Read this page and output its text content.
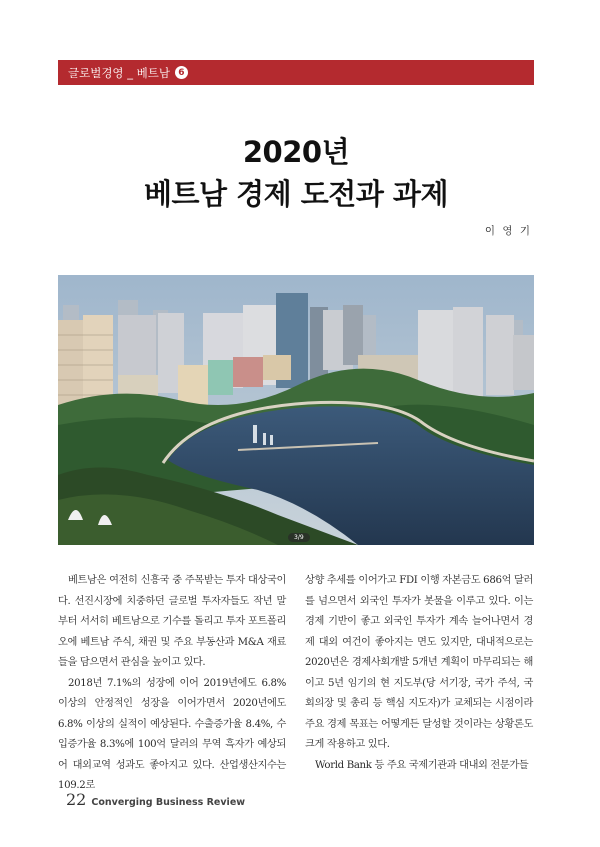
글로벌경영 _ 베트남 6
2020년
베트남 경제 도전과 과제
이 영 기
3/9

베트남은 여전히 신흥국 중 주목받는 투자 대상국이다. 선진시장에 치중하던 글로벌 투자자들도 작년 말부터 서서히 베트남으로 기수를 돌리고 투자 포트폴리오에 베트남 주식, 채권 및 주요 부동산과 M&A 재료들을 담으면서 관심을 높이고 있다.

2018년 7.1%의 성장에 이어 2019년에도 6.8% 이상의 안정적인 성장을 이어가면서 2020년에도 6.8% 이상의 실적이 예상된다. 수출증가율 8.4%, 수입증가율 8.3%에 100억 달러의 무역 흑자가 예상되어 대외교역 성과도 좋아지고 있다. 산업생산지수는 109.2로

상향 추세를 이어가고 FDI 이행 자본금도 686억 달러를 넘으면서 외국인 투자가 봇물을 이루고 있다. 이는 경제 기반이 좋고 외국인 투자가 계속 늘어나면서 경제 대외 여건이 좋아지는 면도 있지만, 대내적으로는 2020년은 경제사회개발 5개년 계획이 마무리되는 해이고 5년 임기의 현 지도부(당 서기장, 국가 주석, 국회의장 및 총리 등 핵심 지도자)가 교체되는 시점이라 주요 경제 목표는 어떻게든 달성할 것이라는 상황론도 크게 작용하고 있다.

World Bank 등 주요 국제기관과 대내외 전문가들

22 Converging Business Review
